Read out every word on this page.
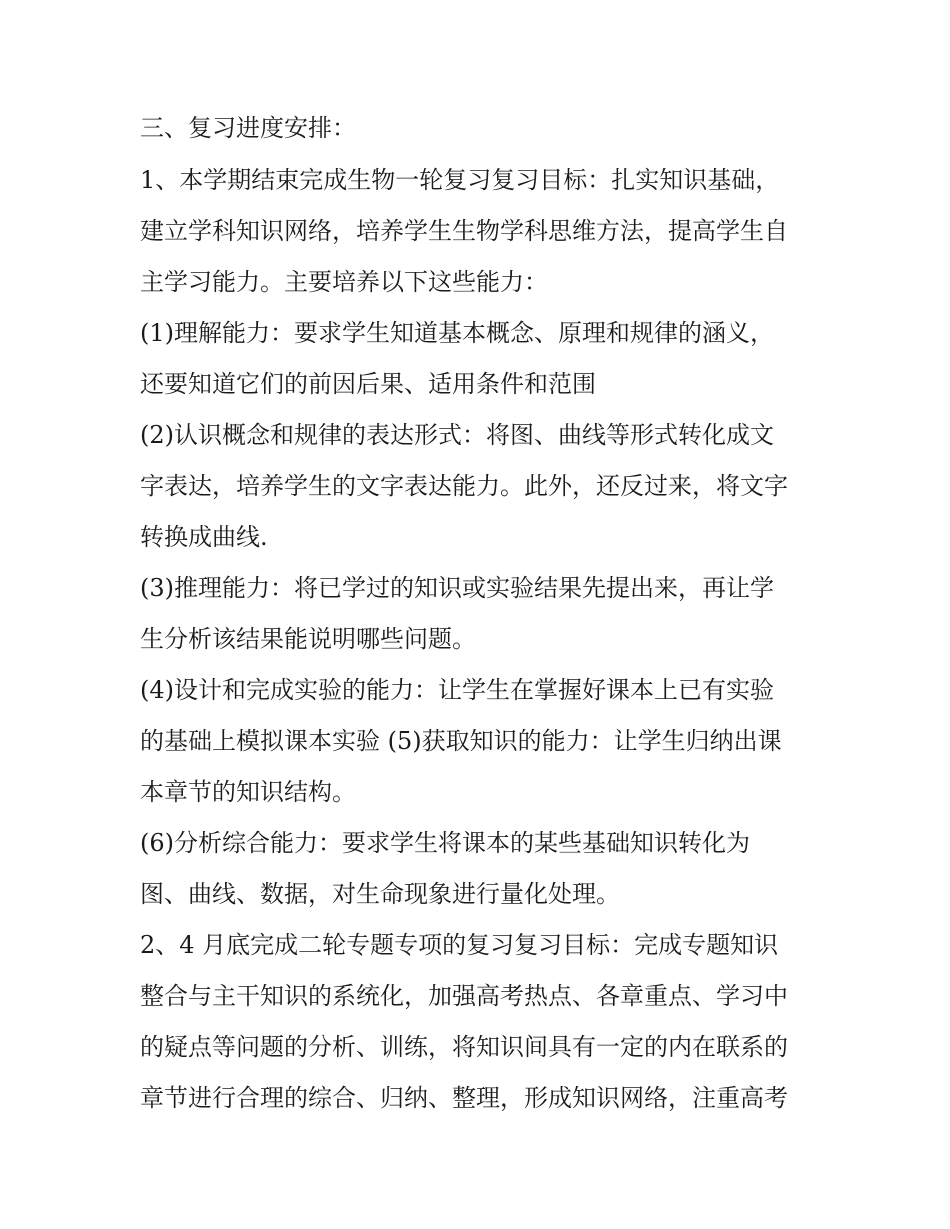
三、复习进度安排：

1、本学期结束完成生物一轮复习复习目标：扎实知识基础，

建立学科知识网络，培养学生生物学科思维方法，提高学生自

主学习能力。主要培养以下这些能力：

(1)理解能力：要求学生知道基本概念、原理和规律的涵义，

还要知道它们的前因后果、适用条件和范围

(2)认识概念和规律的表达形式：将图、曲线等形式转化成文

字表达，培养学生的文字表达能力。此外，还反过来，将文字

转换成曲线.

(3)推理能力：将已学过的知识或实验结果先提出来，再让学

生分析该结果能说明哪些问题。

(4)设计和完成实验的能力：让学生在掌握好课本上已有实验

的基础上模拟课本实验 (5)获取知识的能力：让学生归纳出课

本章节的知识结构。

(6)分析综合能力：要求学生将课本的某些基础知识转化为

图、曲线、数据，对生命现象进行量化处理。

2、4 月底完成二轮专题专项的复习复习目标：完成专题知识

整合与主干知识的系统化，加强高考热点、各章重点、学习中

的疑点等问题的分析、训练，将知识间具有一定的内在联系的

章节进行合理的综合、归纳、整理，形成知识网络，注重高考
